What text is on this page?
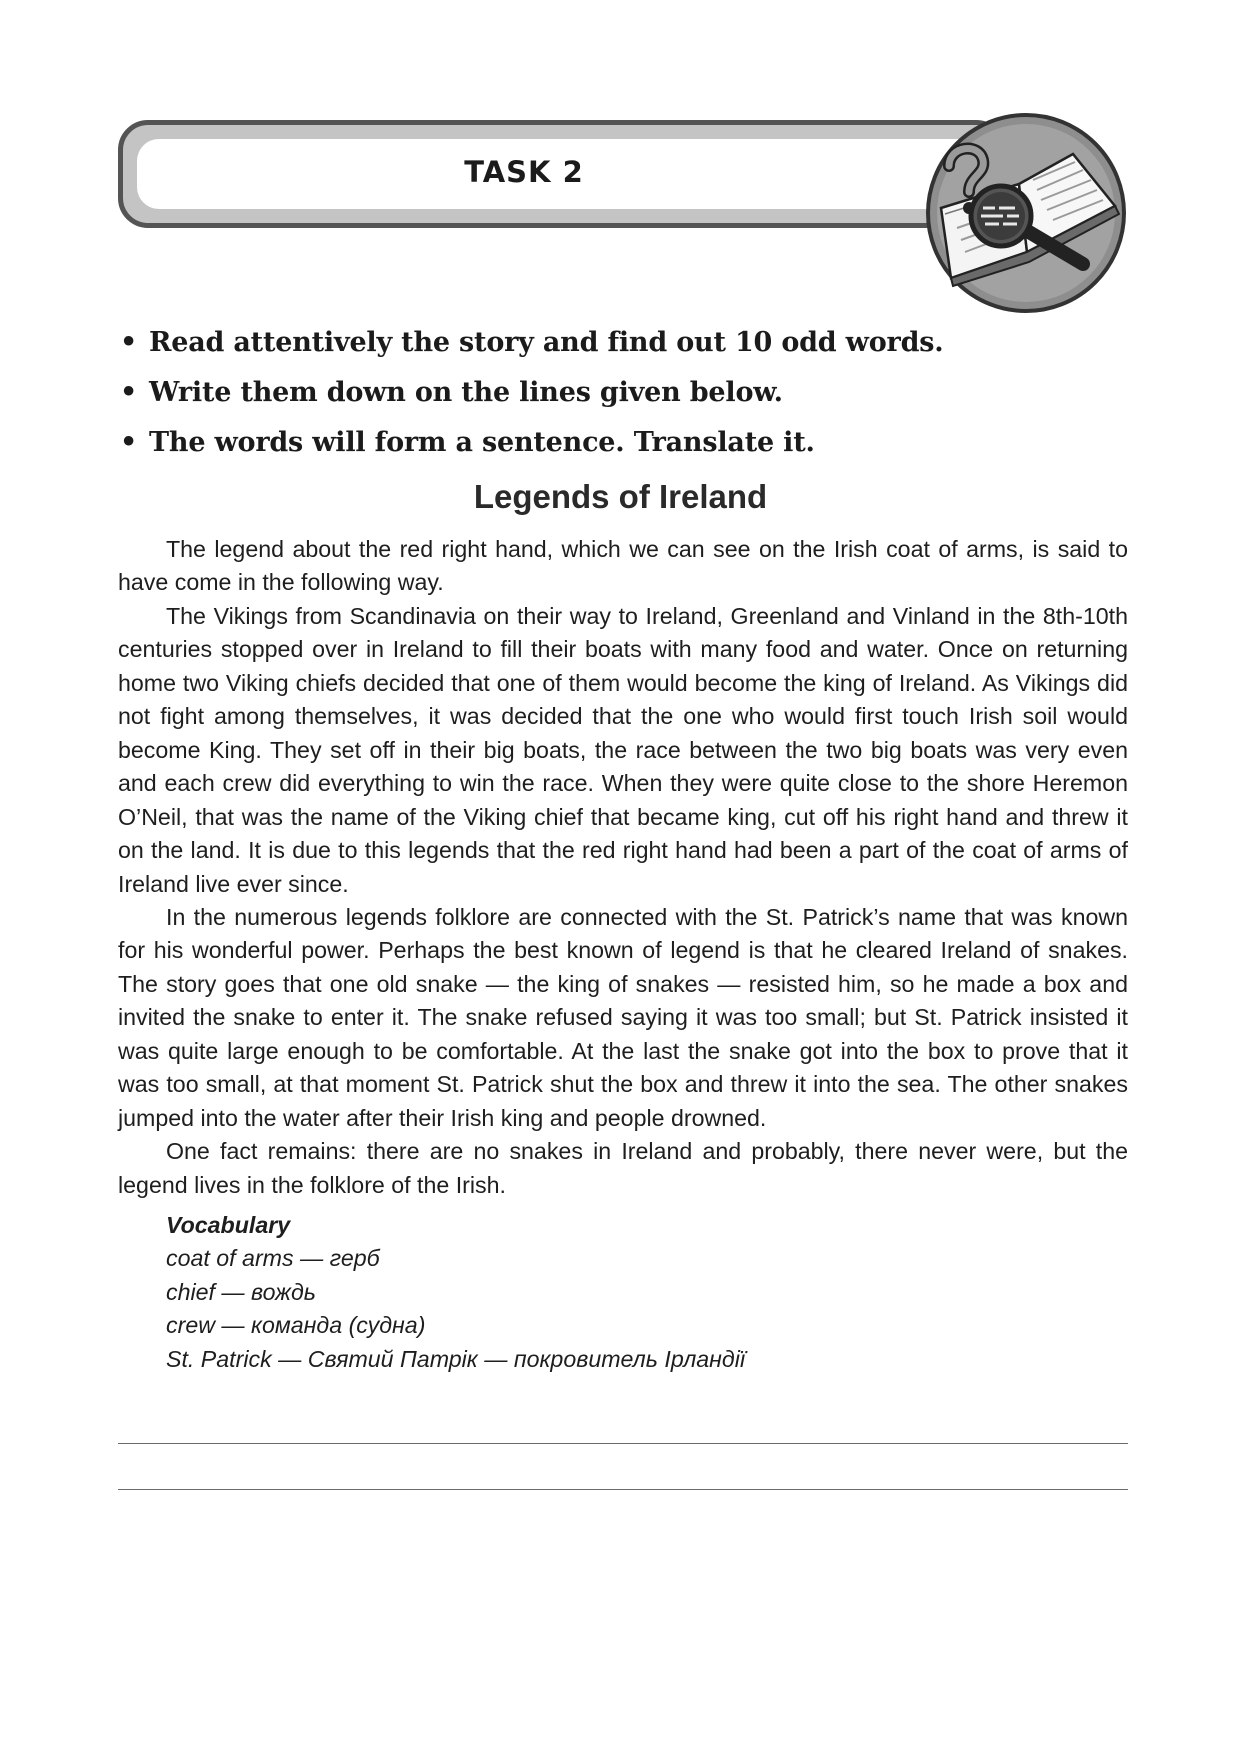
TASK 2
• Read attentively the story and find out 10 odd words.
• Write them down on the lines given below.
• The words will form a sentence. Translate it.
Legends of Ireland

The legend about the red right hand, which we can see on the Irish coat of arms, is said to have come in the following way.

The Vikings from Scandinavia on their way to Ireland, Greenland and Vinland in the 8th-10th centuries stopped over in Ireland to fill their boats with many food and water. Once on returning home two Viking chiefs decided that one of them would become the king of Ireland. As Vikings did not fight among themselves, it was decided that the one who would first touch Irish soil would become King. They set off in their big boats, the race between the two big boats was very even and each crew did everything to win the race. When they were quite close to the shore Heremon O’Neil, that was the name of the Viking chief that became king, cut off his right hand and threw it on the land. It is due to this legends that the red right hand had been a part of the coat of arms of Ireland live ever since.

In the numerous legends folklore are connected with the St. Patrick’s name that was known for his wonderful power. Perhaps the best known of legend is that he cleared Ireland of snakes. The story goes that one old snake — the king of snakes — resisted him, so he made a box and invited the snake to enter it. The snake refused saying it was too small; but St. Patrick insisted it was quite large enough to be comfortable. At the last the snake got into the box to prove that it was too small, at that moment St. Patrick shut the box and threw it into the sea. The other snakes jumped into the water after their Irish king and people drowned.

One fact remains: there are no snakes in Ireland and probably, there never were, but the legend lives in the folklore of the Irish.

Vocabulary
coat of arms — герб
chief — вождь
crew — команда (судна)
St. Patrick — Святий Патрік — покровитель Ірландії
